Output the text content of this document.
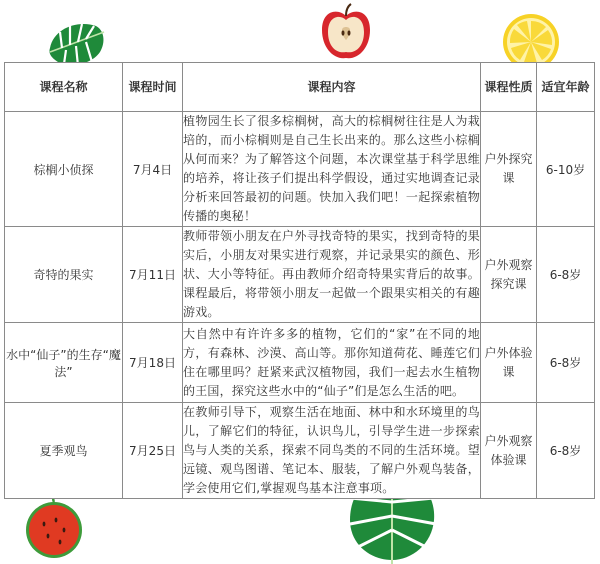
课程名称	课程时间	课程内容	课程性质	适宜年龄
棕榈小侦探	7月4日	植物园生长了很多棕榈树，高大的棕榈树往往是人为栽培的，而小棕榈则是自己生长出来的。那么这些小棕榈从何而来？为了解答这个问题，本次课堂基于科学思维的培养，将让孩子们提出科学假设，通过实地调查记录分析来回答最初的问题。快加入我们吧！一起探索植物传播的奥秘！	户外探究课	6-10岁
奇特的果实	7月11日	教师带领小朋友在户外寻找奇特的果实，找到奇特的果实后，小朋友对果实进行观察，并记录果实的颜色、形状、大小等特征。再由教师介绍奇特果实背后的故事。课程最后，将带领小朋友一起做一个跟果实相关的有趣游戏。	户外观察探究课	6-8岁
水中“仙子”的生存“魔法”	7月18日	大自然中有许许多多的植物，它们的“家”在不同的地方，有森林、沙漠、高山等。那你知道荷花、睡莲它们住在哪里吗？赶紧来武汉植物园，我们一起去水生植物的王国，探究这些水中的“仙子”们是怎么生活的吧。	户外体验课	6-8岁
夏季观鸟	7月25日	在教师引导下，观察生活在地面、林中和水环境里的鸟儿，了解它们的特征，认识鸟儿，引导学生进一步探索鸟与人类的关系，探索不同鸟类的不同的生活环境。望远镜、观鸟图谱、笔记本、服装，了解户外观鸟装备，学会使用它们,掌握观鸟基本注意事项。	户外观察体验课	6-8岁
